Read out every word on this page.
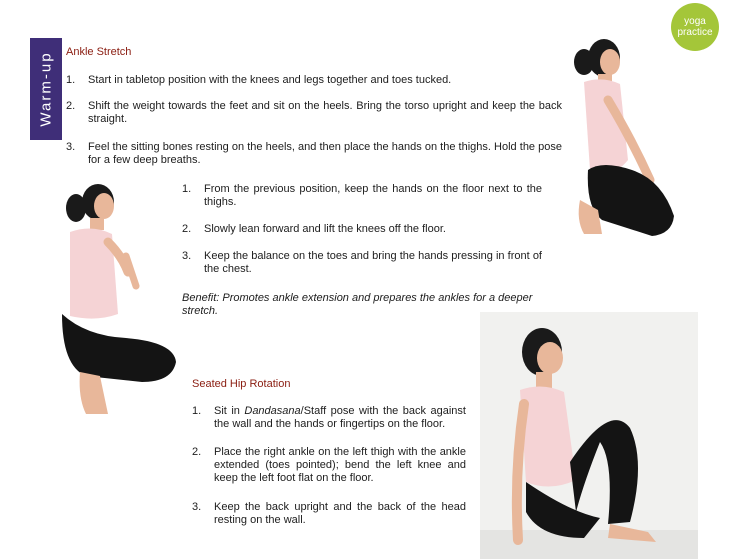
Warm-up
yoga
practice
Ankle Stretch
1. Start in tabletop position with the knees and legs together and toes tucked.
2. Shift the weight towards the feet and sit on the heels. Bring the torso upright and keep the back straight.
3. Feel the sitting bones resting on the heels, and then place the hands on the thighs. Hold the pose for a few deep breaths.
1. From the previous position, keep the hands on the floor next to the thighs.
2. Slowly lean forward and lift the knees off the floor.
3. Keep the balance on the toes and bring the hands pressing in front of the chest.
Benefit: Promotes ankle extension and prepares the ankles for a deeper stretch.
Seated Hip Rotation
1. Sit in Dandasana/Staff pose with the back against the wall and the hands or fingertips on the floor.
2. Place the right ankle on the left thigh with the ankle extended (toes pointed); bend the left knee and keep the left foot flat on the floor.
3. Keep the back upright and the back of the head resting on the wall.
